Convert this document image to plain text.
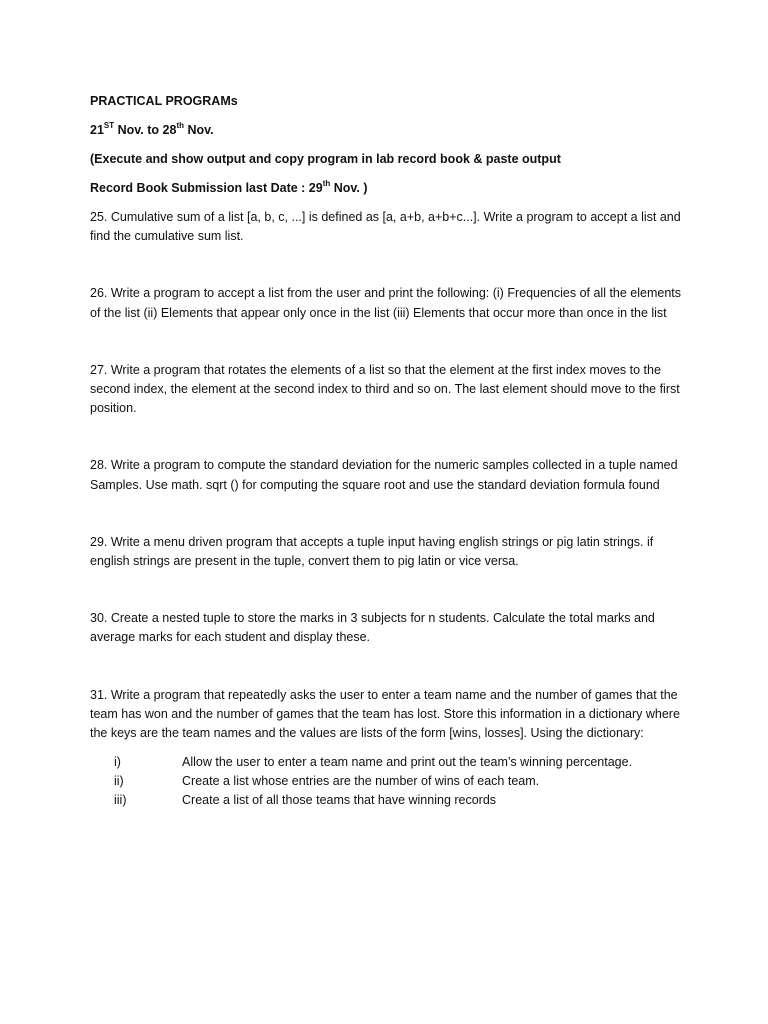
PRACTICAL PROGRAMs

21ST Nov. to 28th Nov.

(Execute and show output and copy program in lab record book & paste output

Record Book Submission last Date : 29th Nov. )

25. Cumulative sum of a list [a, b, c, ...] is defined as [a, a+b, a+b+c...]. Write a program to accept a list and find the cumulative sum list.

26. Write a program to accept a list from the user and print the following: (i) Frequencies of all the elements of the list (ii) Elements that appear only once in the list (iii) Elements that occur more than once in the list

27. Write a program that rotates the elements of a list so that the element at the first index moves to the second index, the element at the second index to third and so on. The last element should move to the first position.

28. Write a program to compute the standard deviation for the numeric samples collected in a tuple named Samples. Use math. sqrt () for computing the square root and use the standard deviation formula found

29. Write a menu driven program that accepts a tuple input having english strings or pig latin strings. if english strings are present in the tuple, convert them to pig latin or vice versa.

30. Create a nested tuple to store the marks in 3 subjects for n students. Calculate the total marks and average marks for each student and display these.

31. Write a program that repeatedly asks the user to enter a team name and the number of games that the team has won and the number of games that the team has lost. Store this information in a dictionary where the keys are the team names and the values are lists of the form [wins, losses]. Using the dictionary:

i)	Allow the user to enter a team name and print out the team’s winning percentage.
ii)	Create a list whose entries are the number of wins of each team.
iii)	Create a list of all those teams that have winning records
